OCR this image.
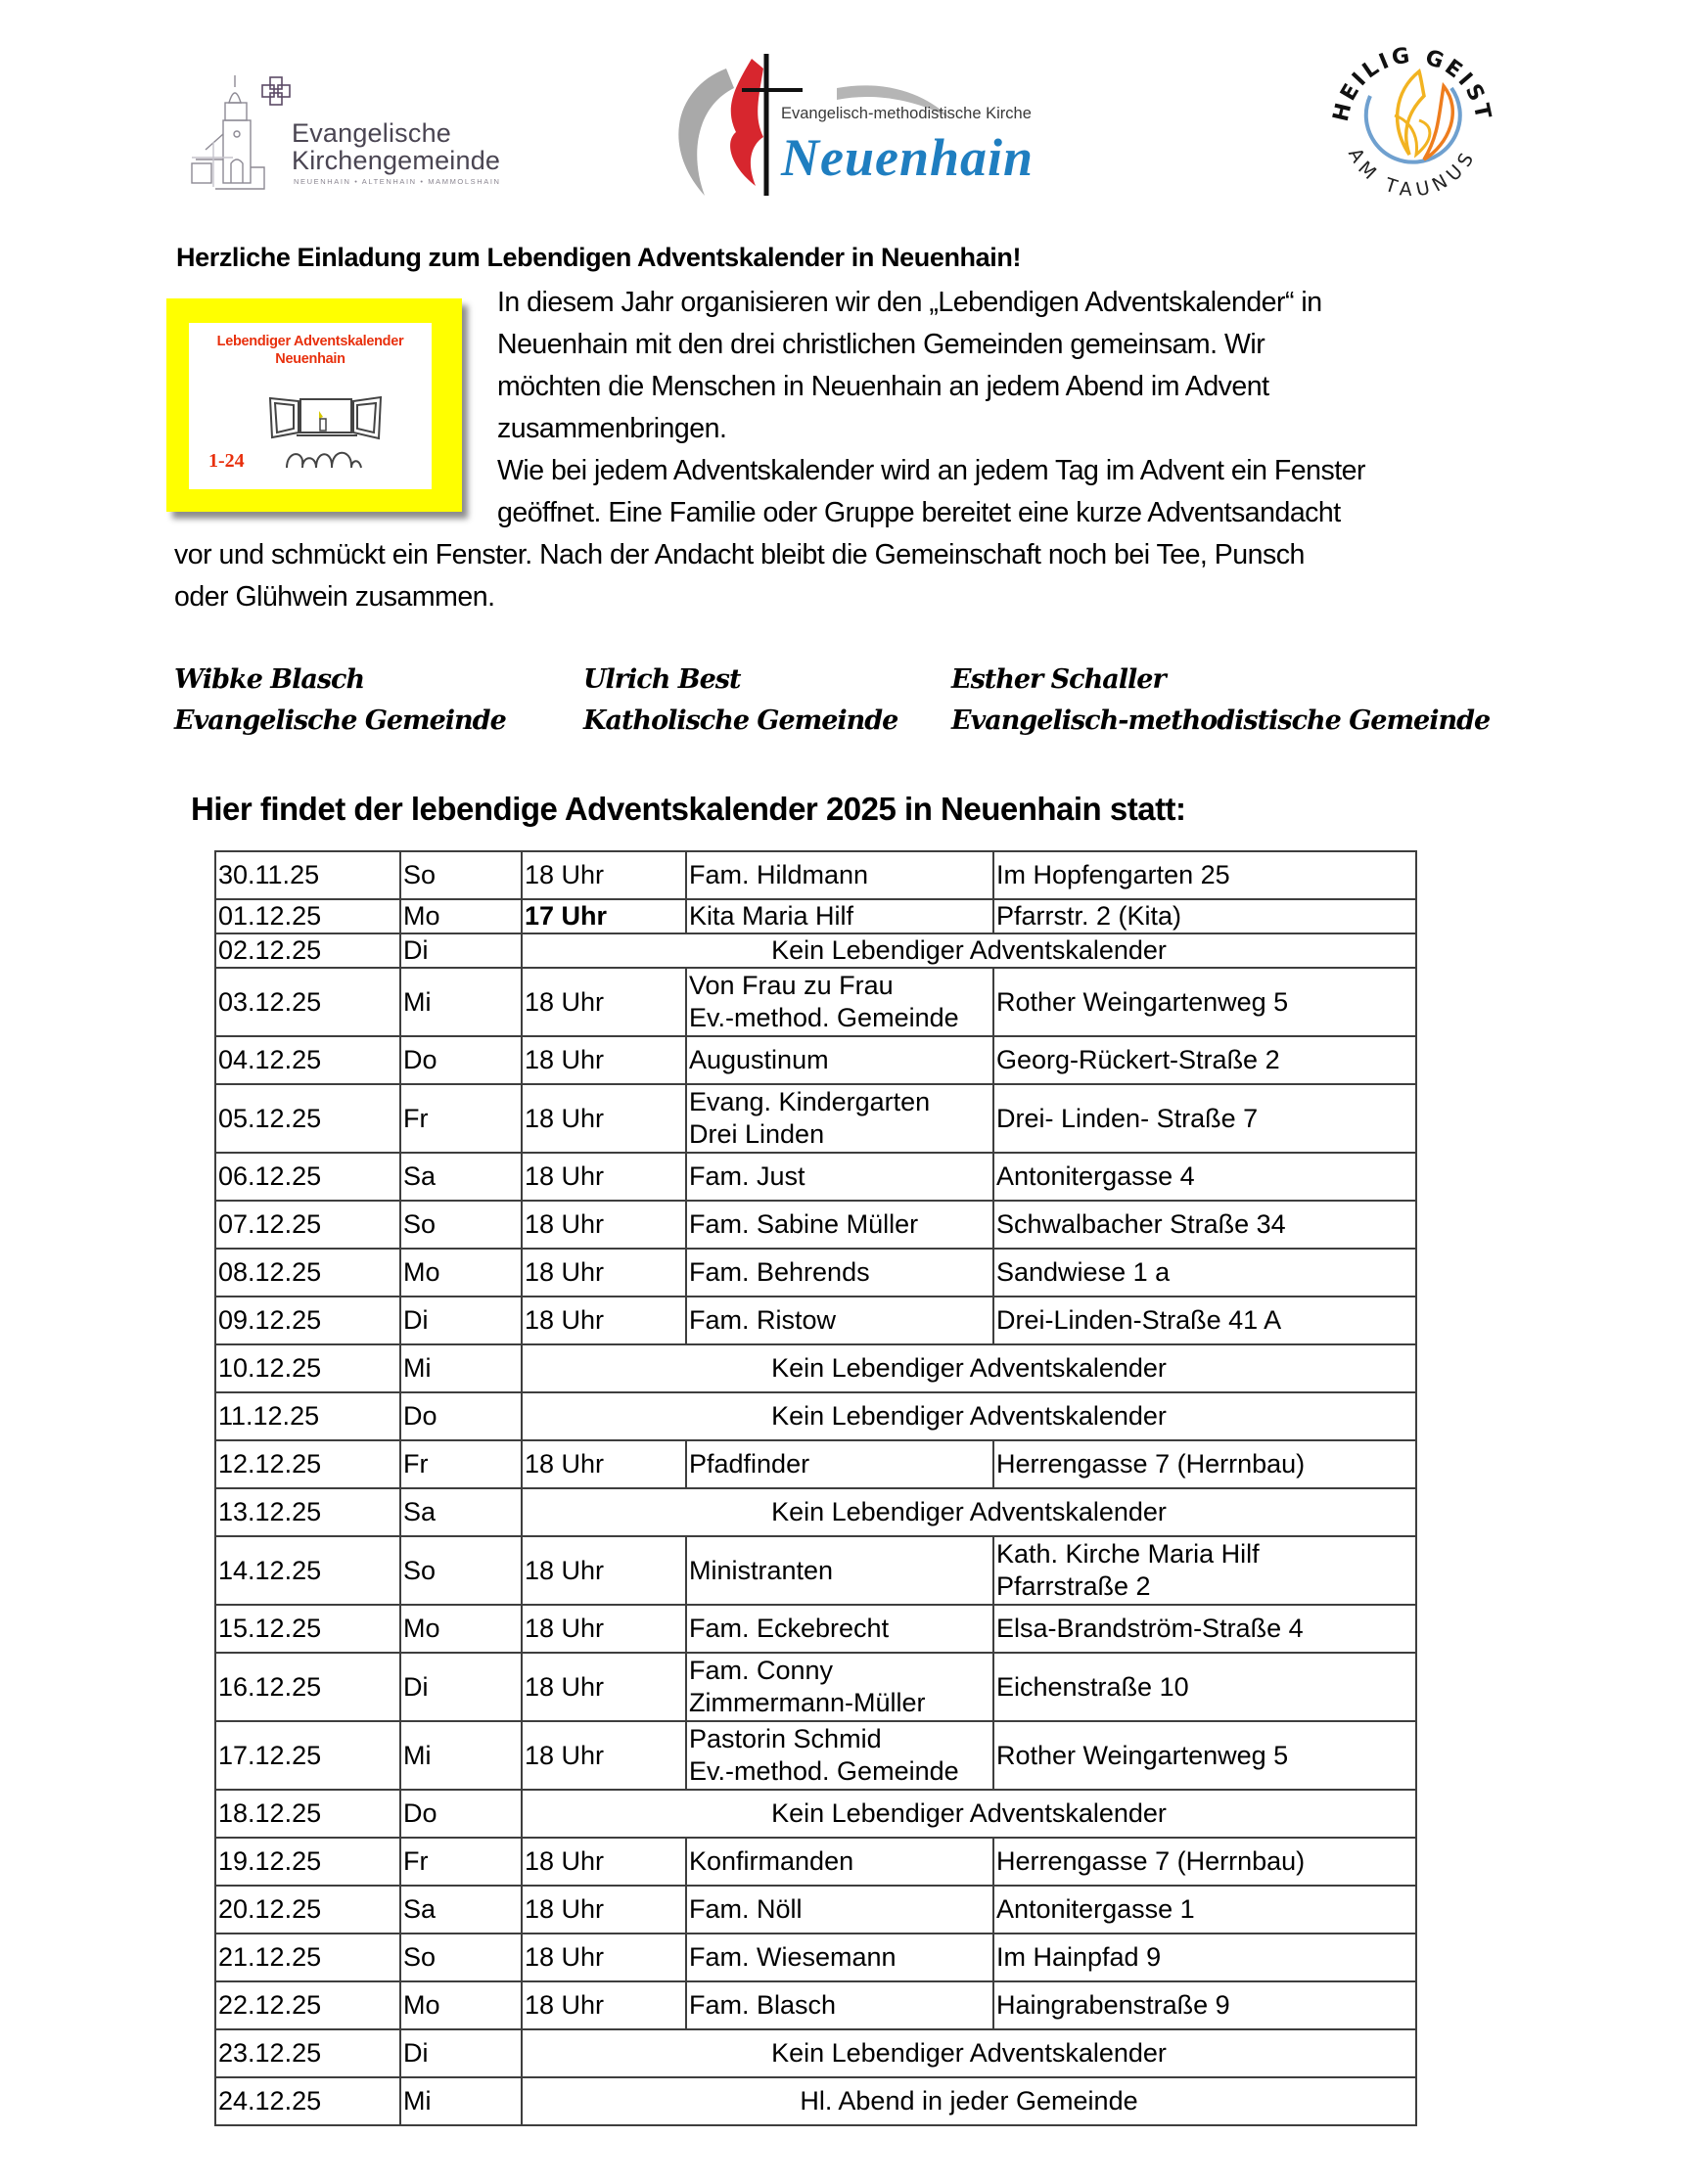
Evangelische
Kirchengemeinde
NEUENHAIN • ALTENHAIN • MAMMOLSHAIN
Evangelisch-methodistische Kirche
Neuenhain
HEILIG GEIST
AM TAUNUS
Herzliche Einladung zum Lebendigen Adventskalender in Neuenhain!
Lebendiger Adventskalender
Neuenhain
1-24
In diesem Jahr organisieren wir den „Lebendigen Adventskalender“ in
Neuenhain mit den drei christlichen Gemeinden gemeinsam. Wir
möchten die Menschen in Neuenhain an jedem Abend im Advent
zusammenbringen.
Wie bei jedem Adventskalender wird an jedem Tag im Advent ein Fenster
geöffnet. Eine Familie oder Gruppe bereitet eine kurze Adventsandacht
vor und schmückt ein Fenster. Nach der Andacht bleibt die Gemeinschaft noch bei Tee, Punsch
oder Glühwein zusammen.
Wibke Blasch
Evangelische Gemeinde
Ulrich Best
Katholische Gemeinde
Esther Schaller
Evangelisch-methodistische Gemeinde
Hier findet der lebendige Adventskalender 2025 in Neuenhain statt:
30.11.25	So	18 Uhr	Fam. Hildmann	Im Hopfengarten 25

01.12.25	Mo	17 Uhr	Kita Maria Hilf	Pfarrstr. 2 (Kita)

02.12.25	Di	Kein Lebendiger Adventskalender		
03.12.25	Mi	18 Uhr	Von Frau zu Frau
Ev.-method. Gemeinde	Rother Weingartenweg 5

04.12.25	Do	18 Uhr	Augustinum	Georg-Rückert-Straße 2

05.12.25	Fr	18 Uhr	Evang. Kindergarten
Drei Linden	Drei- Linden- Straße 7

06.12.25	Sa	18 Uhr	Fam. Just	Antonitergasse 4

07.12.25	So	18 Uhr	Fam. Sabine Müller	Schwalbacher Straße 34

08.12.25	Mo	18 Uhr	Fam. Behrends	Sandwiese 1 a

09.12.25	Di	18 Uhr	Fam. Ristow	Drei-Linden-Straße 41 A

10.12.25	Mi	Kein Lebendiger Adventskalender		
11.12.25	Do	Kein Lebendiger Adventskalender		
12.12.25	Fr	18 Uhr	Pfadfinder	Herrengasse 7 (Herrnbau)

13.12.25	Sa	Kein Lebendiger Adventskalender		
14.12.25	So	18 Uhr	Ministranten	Kath. Kirche Maria Hilf
Pfarrstraße 2

15.12.25	Mo	18 Uhr	Fam. Eckebrecht	Elsa-Brandström-Straße 4

16.12.25	Di	18 Uhr	Fam. Conny
Zimmermann-Müller	Eichenstraße 10

17.12.25	Mi	18 Uhr	Pastorin Schmid
Ev.-method. Gemeinde	Rother Weingartenweg 5

18.12.25	Do	Kein Lebendiger Adventskalender		
19.12.25	Fr	18 Uhr	Konfirmanden	Herrengasse 7 (Herrnbau)

20.12.25	Sa	18 Uhr	Fam. Nöll	Antonitergasse 1

21.12.25	So	18 Uhr	Fam. Wiesemann	Im Hainpfad 9

22.12.25	Mo	18 Uhr	Fam. Blasch	Haingrabenstraße 9

23.12.25	Di	Kein Lebendiger Adventskalender		
24.12.25	Mi	Hl. Abend in jeder Gemeinde		
